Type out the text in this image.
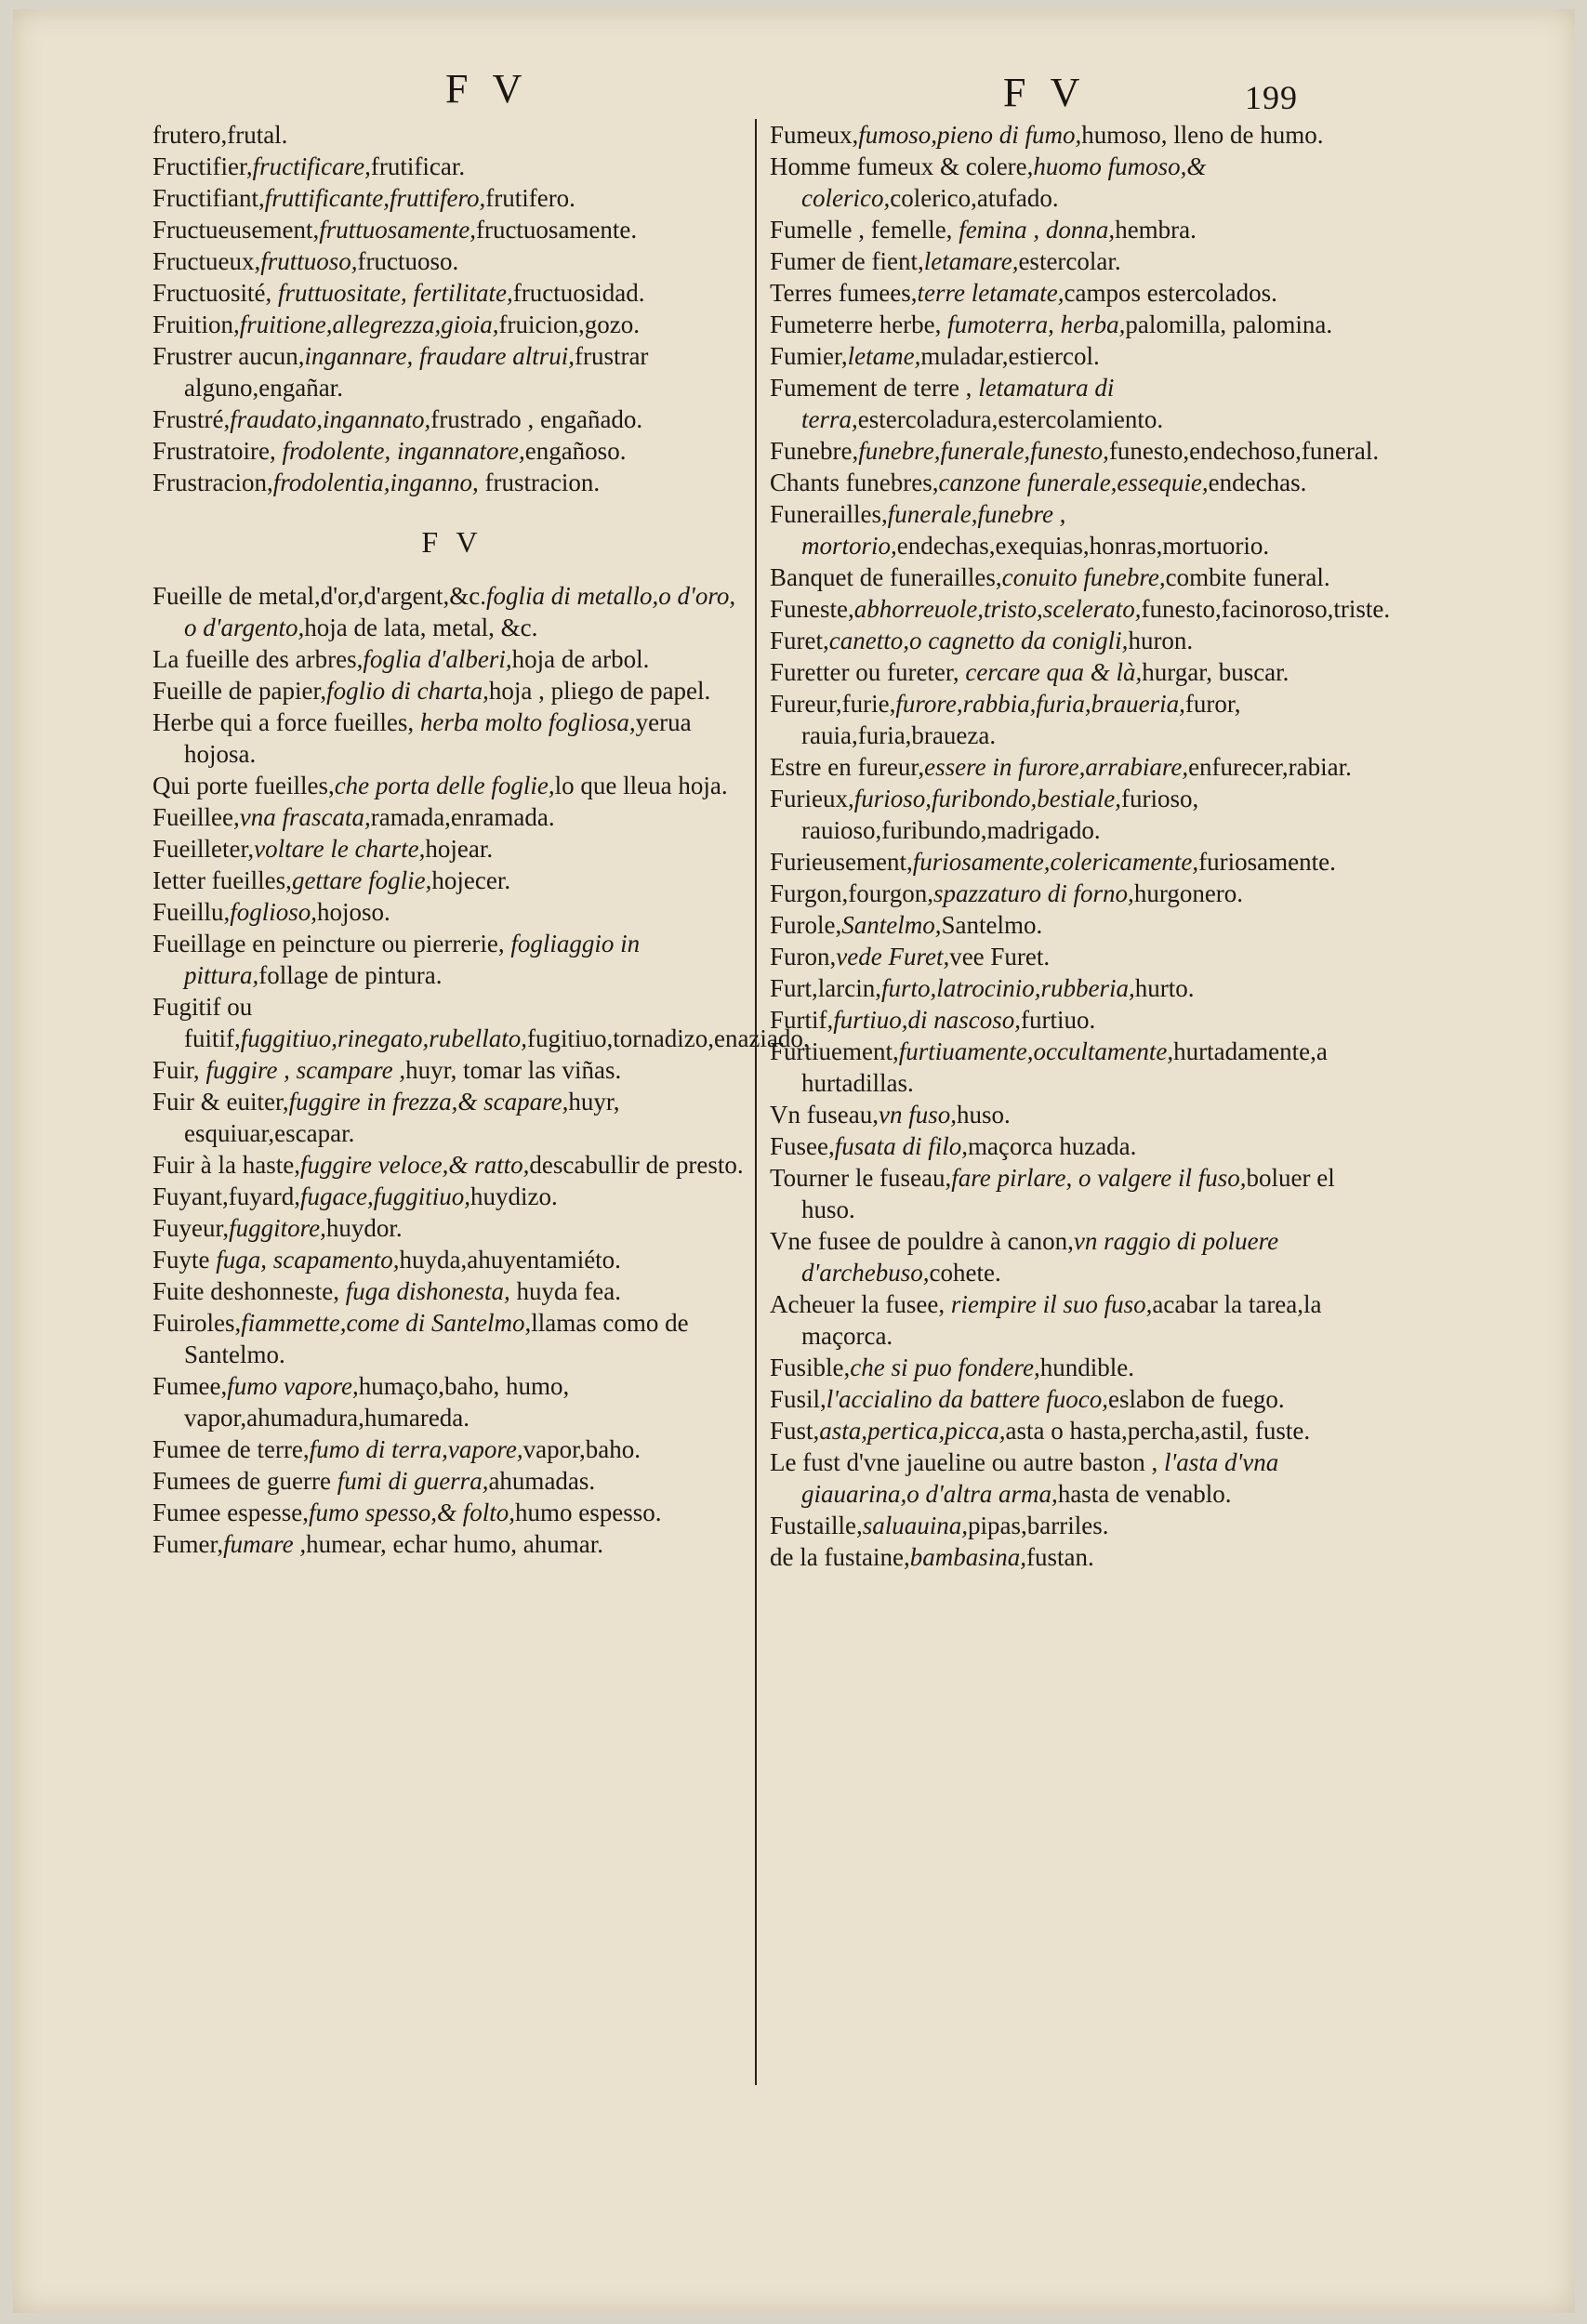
F V	F V	199

frutero,frutal.

Fructifier,fructificare,frutificar.

Fructifiant,fruttificante,fruttifero,frutifero.

Fructueusement,fruttuosamente,fructuosamente.

Fructueux,fruttuoso,fructuoso.

Fructuosité, fruttuositate, fertilitate,fructuosidad.

Fruition,fruitione,allegrezza,gioia,fruicion,gozo.

Frustrer aucun,ingannare, fraudare altrui,frustrar alguno,engañar.

Frustré,fraudato,ingannato,frustrado , engañado.

Frustratoire, frodolente, ingannatore,engañoso.

Frustracion,frodolentia,inganno, frustracion.

F V

Fueille de metal,d'or,d'argent,&c.foglia di metallo,o d'oro, o d'argento,hoja de lata, metal, &c.

La fueille des arbres,foglia d'alberi,hoja de arbol.

Fueille de papier,foglio di charta,hoja , pliego de papel.

Herbe qui a force fueilles, herba molto fogliosa,yerua hojosa.

Qui porte fueilles,che porta delle foglie,lo que lleua hoja.

Fueillee,vna frascata,ramada,enramada.

Fueilleter,voltare le charte,hojear.

Ietter fueilles,gettare foglie,hojecer.

Fueillu,foglioso,hojoso.

Fueillage en peincture ou pierrerie, fogliaggio in pittura,follage de pintura.

Fugitif ou fuitif,fuggitiuo,rinegato,rubellato,fugitiuo,tornadizo,enaziado.

Fuir, fuggire , scampare ,huyr, tomar las viñas.

Fuir & euiter,fuggire in frezza,& scapare,huyr, esquiuar,escapar.

Fuir à la haste,fuggire veloce,& ratto,descabullir de presto.

Fuyant,fuyard,fugace,fuggitiuo,huydizo.

Fuyeur,fuggitore,huydor.

Fuyte fuga, scapamento,huyda,ahuyentamiéto.

Fuite deshonneste, fuga dishonesta, huyda fea.

Fuiroles,fiammette,come di Santelmo,llamas como de Santelmo.

Fumee,fumo vapore,humaço,baho, humo, vapor,ahumadura,humareda.

Fumee de terre,fumo di terra,vapore,vapor,baho.

Fumees de guerre fumi di guerra,ahumadas.

Fumee espesse,fumo spesso,& folto,humo espesso.

Fumer,fumare ,humear, echar humo, ahumar.

Fumeux,fumoso,pieno di fumo,humoso, lleno de humo.

Homme fumeux & colere,huomo fumoso,& colerico,colerico,atufado.

Fumelle , femelle, femina , donna,hembra.

Fumer de fient,letamare,estercolar.

Terres fumees,terre letamate,campos estercolados.

Fumeterre herbe, fumoterra, herba,palomilla, palomina.

Fumier,letame,muladar,estiercol.

Fumement de terre , letamatura di terra,estercoladura,estercolamiento.

Funebre,funebre,funerale,funesto,funesto,endechoso,funeral.

Chants funebres,canzone funerale,essequie,endechas.

Funerailles,funerale,funebre , mortorio,endechas,exequias,honras,mortuorio.

Banquet de funerailles,conuito funebre,combite funeral.

Funeste,abhorreuole,tristo,scelerato,funesto,facinoroso,triste.

Furet,canetto,o cagnetto da conigli,huron.

Furetter ou fureter, cercare qua & là,hurgar, buscar.

Fureur,furie,furore,rabbia,furia,braueria,furor, rauia,furia,braueza.

Estre en fureur,essere in furore,arrabiare,enfurecer,rabiar.

Furieux,furioso,furibondo,bestiale,furioso, rauioso,furibundo,madrigado.

Furieusement,furiosamente,colericamente,furiosamente.

Furgon,fourgon,spazzaturo di forno,hurgonero.

Furole,Santelmo,Santelmo.

Furon,vede Furet,vee Furet.

Furt,larcin,furto,latrocinio,rubberia,hurto.

Furtif,furtiuo,di nascoso,furtiuo.

Furtiuement,furtiuamente,occultamente,hurtadamente,a hurtadillas.

Vn fuseau,vn fuso,huso.

Fusee,fusata di filo,maçorca huzada.

Tourner le fuseau,fare pirlare, o valgere il fuso,boluer el huso.

Vne fusee de pouldre à canon,vn raggio di poluere d'archebuso,cohete.

Acheuer la fusee, riempire il suo fuso,acabar la tarea,la maçorca.

Fusible,che si puo fondere,hundible.

Fusil,l'accialino da battere fuoco,eslabon de fuego.

Fust,asta,pertica,picca,asta o hasta,percha,astil, fuste.

Le fust d'vne jaueline ou autre baston , l'asta d'vna giauarina,o d'altra arma,hasta de venablo.

Fustaille,saluauina,pipas,barriles.

de la fustaine,bambasina,fustan.
